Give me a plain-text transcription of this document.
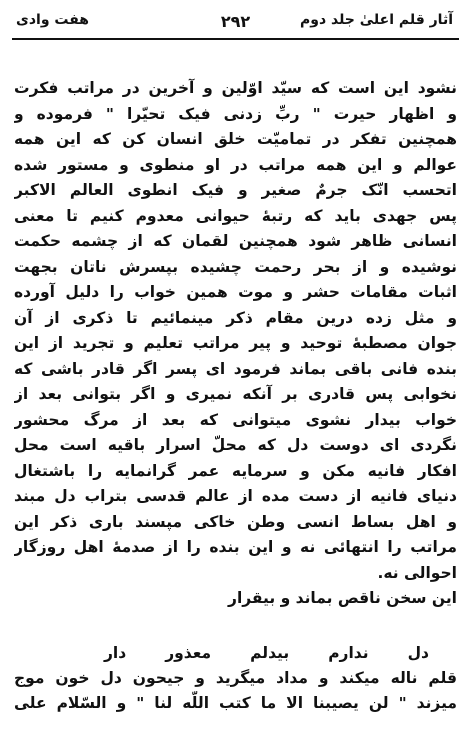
هفت وادی	۲۹۲	آثار قلم اعلیٰ جلد دوم
نشود این است که سیّد اوّلین و آخرین در مراتب فکرت
و اظهار حیرت " ربِّ زدنی فیک تحیّرا " فرموده و
همچنین تفکر در تمامیّت خلق انسان کن که این همه
عوالم و این همه مراتب در او منطوی و مستور شده
اتحسب انّک جرمٌ صغیر و فیک انطوی العالم الاکبر
پس جهدی باید که رتبهٔ حیوانی معدوم کنیم تا معنی
انسانی ظاهر شود همچنین لقمان که از چشمه حکمت
نوشیده و از بحر رحمت چشیده بپسرش ناتان بجهت
اثبات مقامات حشر و موت همین خواب را دلیل آورده
و مثل زده درین مقام ذکر مینمائیم تا ذکری از آن
جوان مصطبهٔ توحید و پیر مراتب تعلیم و تجرید از این
بنده فانی باقی بماند فرمود ای پسر اگر قادر باشی که
نخوابی پس قادری بر آنکه نمیری و اگر بتوانی بعد از
خواب بیدار نشوی میتوانی که بعد از مرگ محشور
نگردی ای دوست دل که محلّ اسرار باقیه است محل
افکار فانیه مکن و سرمایه عمر گرانمایه را باشتغال
دنیای فانیه از دست مده از عالم قدسی بتراب دل مبند
و اهل بساط انسی وطن خاکی مپسند باری ذکر این
مراتب را انتهائی نه و این بنده را از صدمهٔ اهل روزگار
احوالی نه.
این سخن ناقص بماند و بیقرار
دل ندارم بیدلم معذور دار
قلم ناله میکند و مداد میگرید و جیحون دل خون موج
میزند " لن یصیبنا الا ما کتب اللّه لنا " و السّلام علی
